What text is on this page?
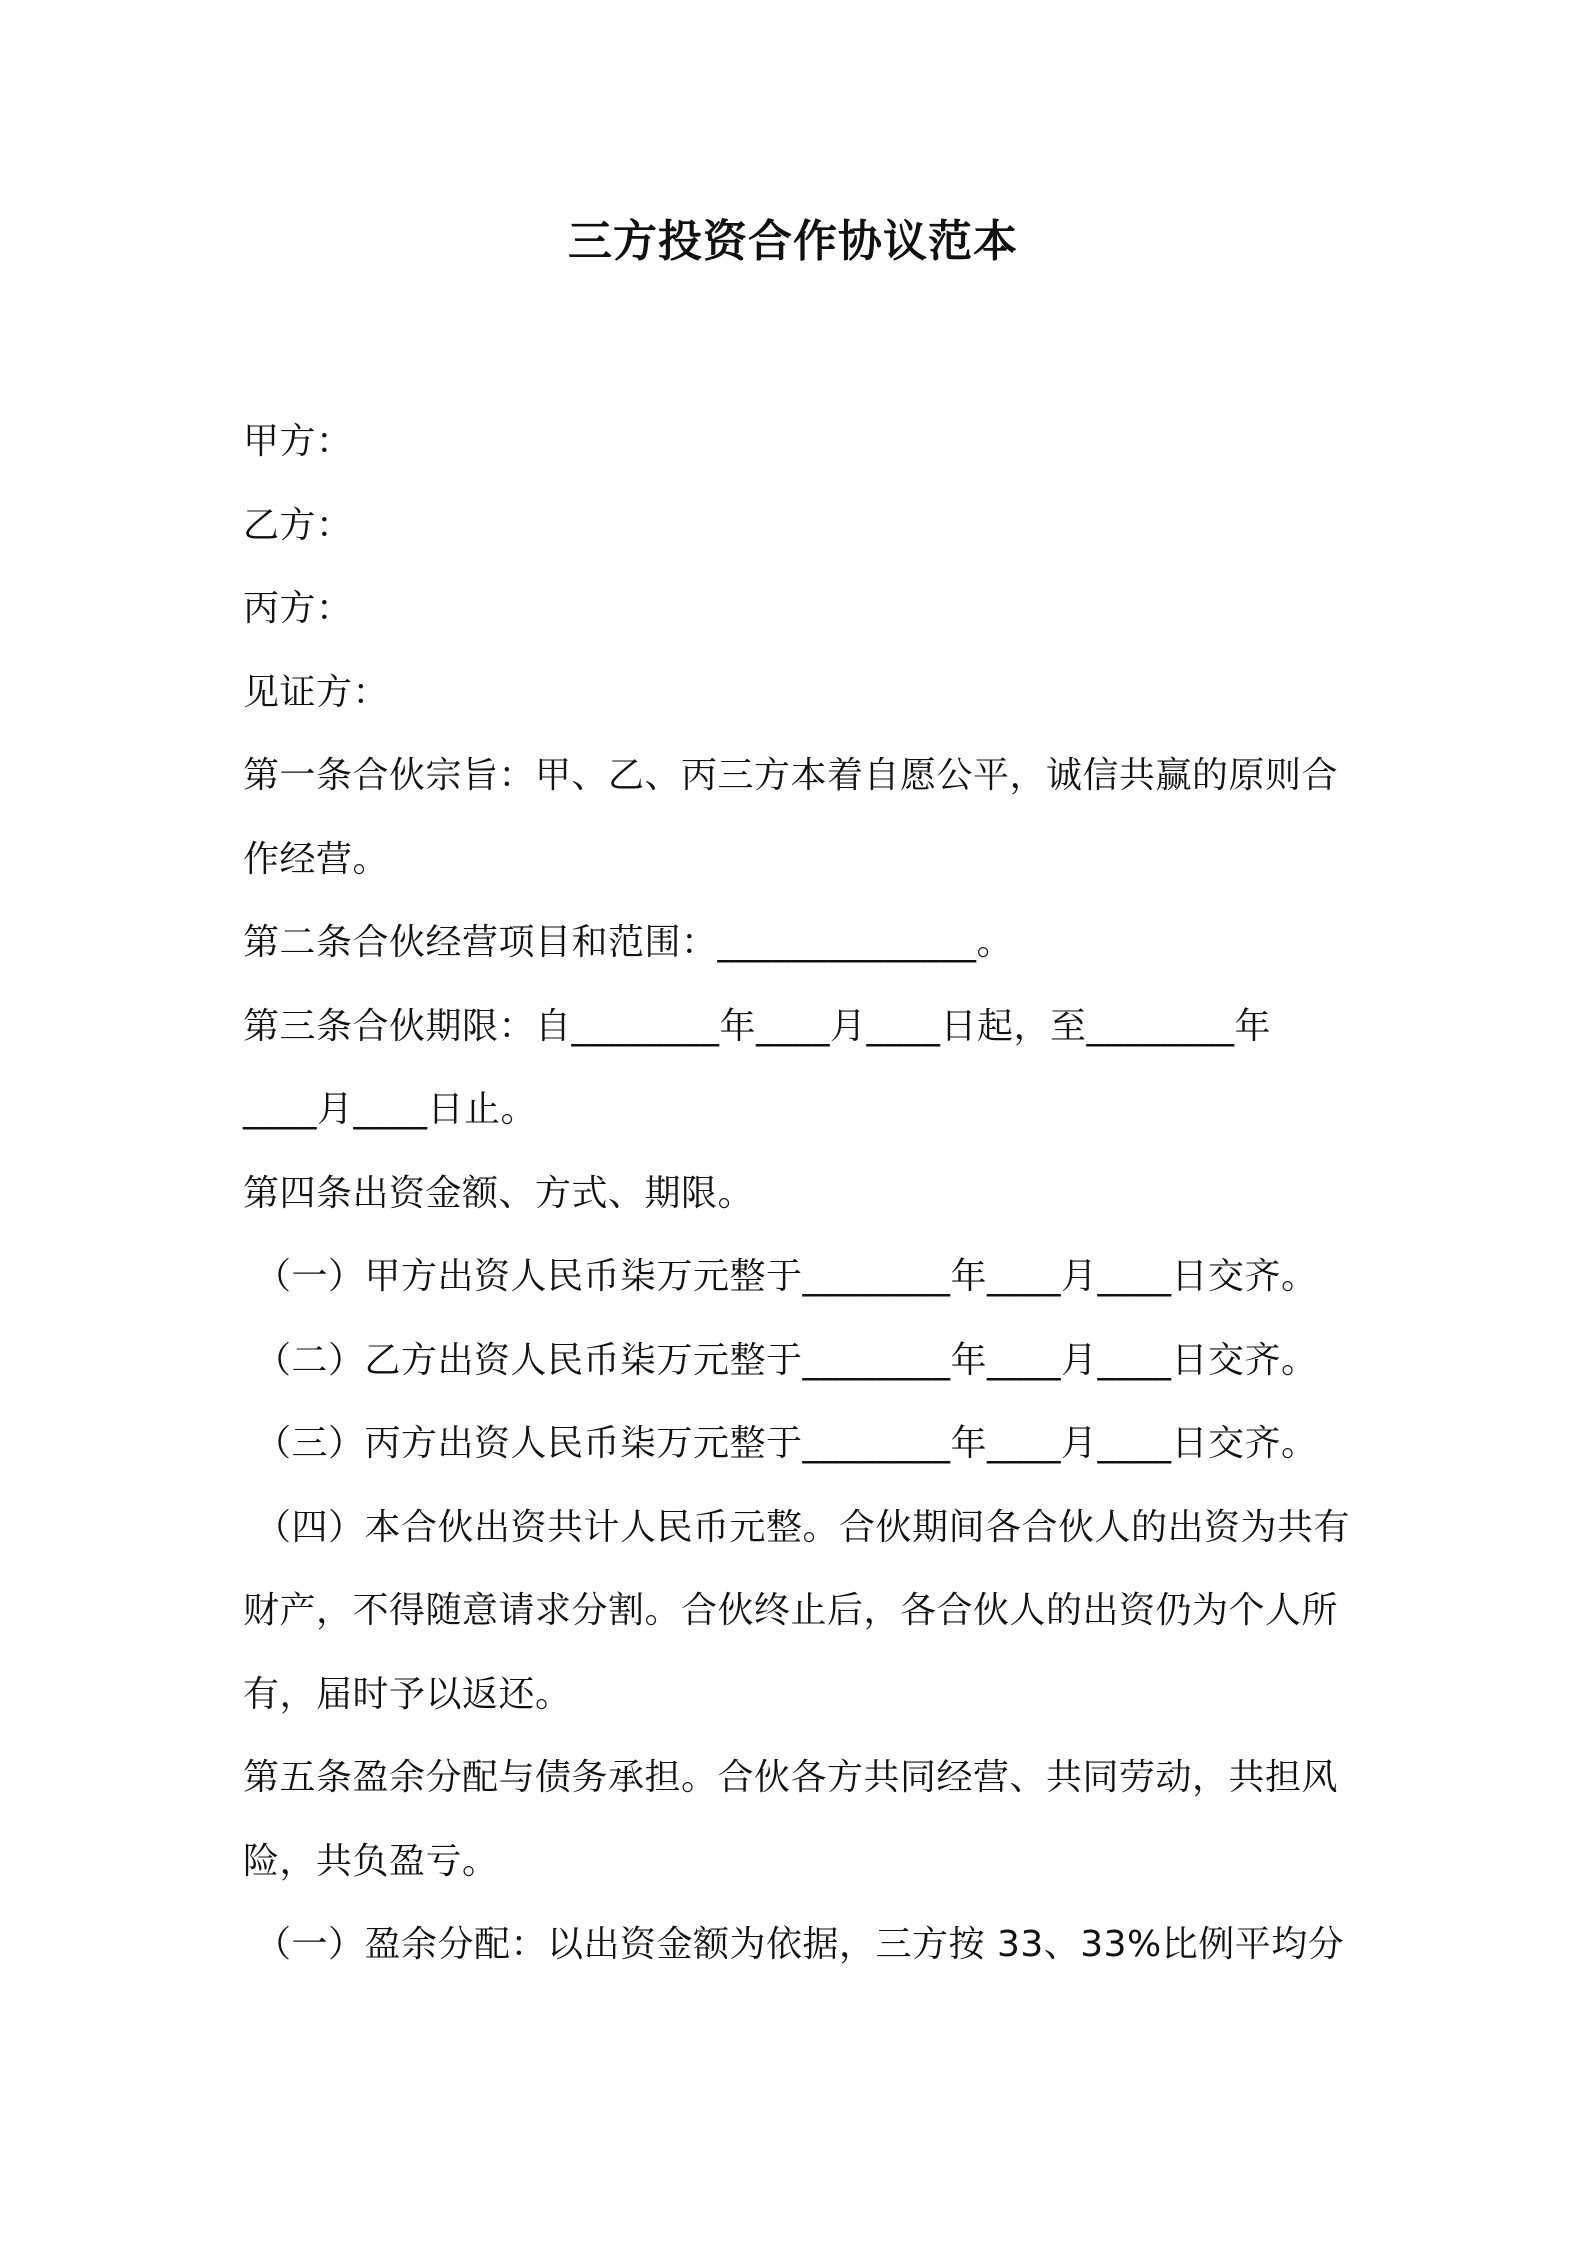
三方投资合作协议范本
甲方：
乙方：
丙方：
见证方：
第一条合伙宗旨：甲、乙、丙三方本着自愿公平，诚信共赢的原则合
作经营。
第二条合伙经营项目和范围：______________。
第三条合伙期限：自________年____月____日起，至________年
____月____日止。
第四条出资金额、方式、期限。
（一）甲方出资人民币柒万元整于________年____月____日交齐。
（二）乙方出资人民币柒万元整于________年____月____日交齐。
（三）丙方出资人民币柒万元整于________年____月____日交齐。
（四）本合伙出资共计人民币元整。合伙期间各合伙人的出资为共有
财产，不得随意请求分割。合伙终止后，各合伙人的出资仍为个人所
有，届时予以返还。
第五条盈余分配与债务承担。合伙各方共同经营、共同劳动，共担风
险，共负盈亏。
（一）盈余分配：以出资金额为依据，三方按 33、33%比例平均分
